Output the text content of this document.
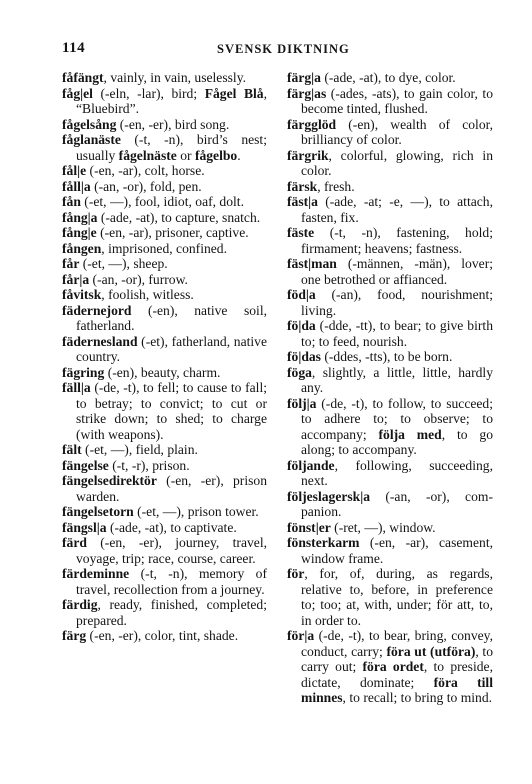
114	SVENSK DIKTNING
fåfängt, vainly, in vain, uselessly.
fåg|el (-eln, -lar), bird; Fågel Blå, “Bluebird”.
fågelsång (-en, -er), bird song.
fåglanäste (-t, -n), bird’s nest; usually fågelnäste or fågelbo.
fål|e (-en, -ar), colt, horse.
fåll|a (-an, -or), fold, pen.
fån (-et, —), fool, idiot, oaf, dolt.
fång|a (-ade, -at), to capture, snatch.
fång|e (-en, -ar), prisoner, captive.
fången, imprisoned, confined.
får (-et, —), sheep.
får|a (-an, -or), furrow.
fåvitsk, foolish, witless.
fädernejord (-en), native soil, fatherland.
fädernesland (-et), fatherland, native country.
fägring (-en), beauty, charm.
fäll|a (-de, -t), to fell; to cause to fall; to betray; to convict; to cut or strike down; to shed; to charge (with weapons).
fält (-et, —), field, plain.
fängelse (-t, -r), prison.
fängelsedirektör (-en, -er), prison warden.
fängelsetorn (-et, —), prison tower.
fängsl|a (-ade, -at), to captivate.
färd (-en, -er), journey, travel, voyage, trip; race, course, career.
färdeminne (-t, -n), memory of travel, recollection from a journey.
färdig, ready, finished, completed; prepared.
färg (-en, -er), color, tint, shade.
färg|a (-ade, -at), to dye, color.
färg|as (-ades, -ats), to gain color, to become tinted, flushed.
färgglöd (-en), wealth of color, brilliancy of color.
färgrik, colorful, glowing, rich in color.
färsk, fresh.
fäst|a (-ade, -at; -e, —), to attach, fasten, fix.
fäste (-t, -n), fastening, hold; firmament; heavens; fastness.
fäst|man (-männen, -män), lover; one betrothed or affianced.
föd|a (-an), food, nourishment; living.
fö|da (-dde, -tt), to bear; to give birth to; to feed, nourish.
fö|das (-ddes, -tts), to be born.
föga, slightly, a little, little, hardly any.
följ|a (-de, -t), to follow, to succeed; to adhere to; to observe; to accompany; följa med, to go along; to accompany.
följande, following, succeeding, next.
följeslagersk|a (-an, -or), companion.
fönst|er (-ret, —), window.
fönsterkarm (-en, -ar), casement, window frame.
för, for, of, during, as regards, relative to, before, in preference to; too; at, with, under; för att, to, in order to.
för|a (-de, -t), to bear, bring, convey, conduct, carry; föra ut (utföra), to carry out; föra ordet, to preside, dictate, dominate; föra till minnes, to recall; to bring to mind.
